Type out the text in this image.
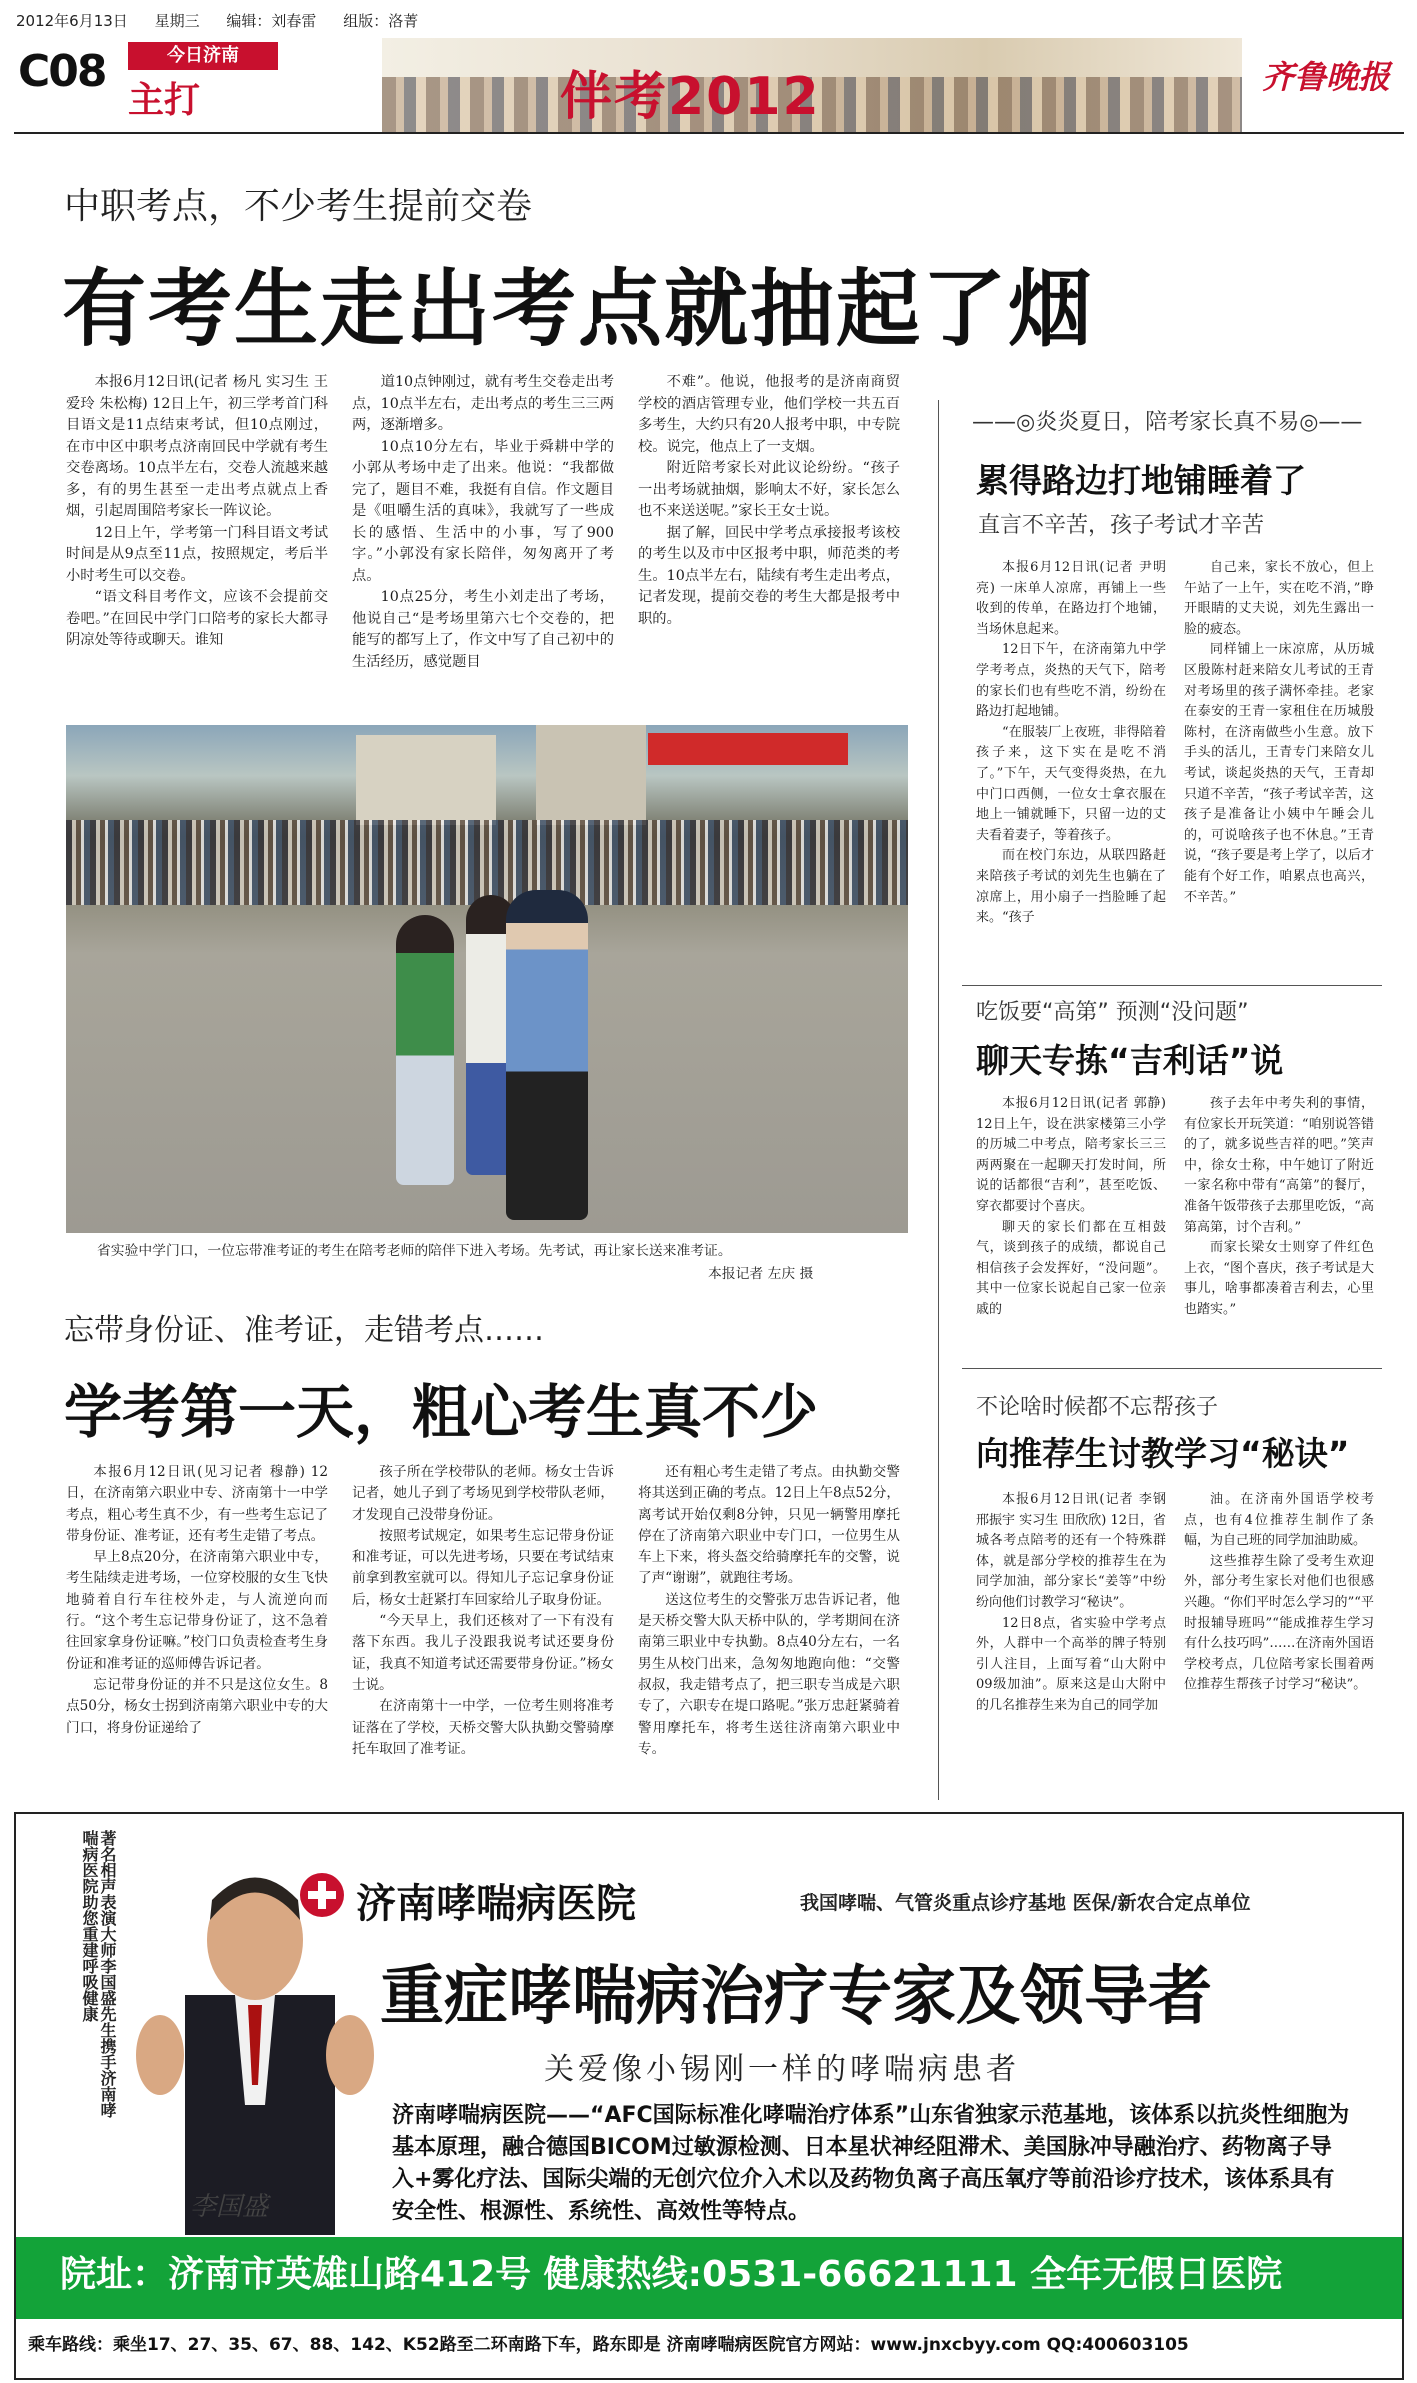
2012年6月13日 星期三 编辑：刘春雷 组版：洛菁
C08	今日济南
主打	伴考2012	齐鲁晚报
中职考点，不少考生提前交卷
有考生走出考点就抽起了烟

本报6月12日讯(记者 杨凡 实习生 王爱玲 朱松梅) 12日上午，初三学考首门科目语文是11点结束考试，但10点刚过，在市中区中职考点济南回民中学就有考生交卷离场。10点半左右，交卷人流越来越多，有的男生甚至一走出考点就点上香烟，引起周围陪考家长一阵议论。

12日上午，学考第一门科目语文考试时间是从9点至11点，按照规定，考后半小时考生可以交卷。

“语文科目考作文，应该不会提前交卷吧。”在回民中学门口陪考的家长大都寻阴凉处等待或聊天。谁知

道10点钟刚过，就有考生交卷走出考点，10点半左右，走出考点的考生三三两两，逐渐增多。

10点10分左右，毕业于舜耕中学的小郭从考场中走了出来。他说：“我都做完了，题目不难，我挺有自信。作文题目是《咀嚼生活的真味》，我就写了一些成长的感悟、生活中的小事，写了900字。”小郭没有家长陪伴，匆匆离开了考点。

10点25分，考生小刘走出了考场，他说自己“是考场里第六七个交卷的，把能写的都写上了，作文中写了自己初中的生活经历，感觉题目

不难”。他说，他报考的是济南商贸学校的酒店管理专业，他们学校一共五百多考生，大约只有20人报考中职，中专院校。说完，他点上了一支烟。

附近陪考家长对此议论纷纷。“孩子一出考场就抽烟，影响太不好，家长怎么也不来送送呢。”家长王女士说。

据了解，回民中学考点承接报考该校的考生以及市中区报考中职，师范类的考生。10点半左右，陆续有考生走出考点，记者发现，提前交卷的考生大都是报考中职的。

省实验中学门口，一位忘带准考证的考生在陪考老师的陪伴下进入考场。先考试，再让家长送来准考证。
本报记者 左庆 摄
忘带身份证、准考证，走错考点……
学考第一天，粗心考生真不少

本报6月12日讯(见习记者 穆静) 12日，在济南第六职业中专、济南第十一中学考点，粗心考生真不少，有一些考生忘记了带身份证、准考证，还有考生走错了考点。

早上8点20分，在济南第六职业中专，考生陆续走进考场，一位穿校服的女生飞快地骑着自行车往校外走，与人流逆向而行。“这个考生忘记带身份证了，这不急着往回家拿身份证嘛。”校门口负责检查考生身份证和准考证的巡师傅告诉记者。

忘记带身份证的并不只是这位女生。8点50分，杨女士拐到济南第六职业中专的大门口，将身份证递给了

孩子所在学校带队的老师。杨女士告诉记者，她儿子到了考场见到学校带队老师，才发现自己没带身份证。

按照考试规定，如果考生忘记带身份证和准考证，可以先进考场，只要在考试结束前拿到教室就可以。得知儿子忘记拿身份证后，杨女士赶紧打车回家给儿子取身份证。

“今天早上，我们还核对了一下有没有落下东西。我儿子没跟我说考试还要身份证，我真不知道考试还需要带身份证。”杨女士说。

在济南第十一中学，一位考生则将准考证落在了学校，天桥交警大队执勤交警骑摩托车取回了准考证。

还有粗心考生走错了考点。由执勤交警将其送到正确的考点。12日上午8点52分，离考试开始仅剩8分钟，只见一辆警用摩托停在了济南第六职业中专门口，一位男生从车上下来，将头盔交给骑摩托车的交警，说了声“谢谢”，就跑往考场。

送这位考生的交警张万忠告诉记者，他是天桥交警大队天桥中队的，学考期间在济南第三职业中专执勤。8点40分左右，一名男生从校门出来，急匆匆地跑向他：“交警叔叔，我走错考点了，把三职专当成是六职专了，六职专在堤口路呢。”张万忠赶紧骑着警用摩托车，将考生送往济南第六职业中专。

——◎炎炎夏日，陪考家长真不易◎——
累得路边打地铺睡着了
直言不辛苦，孩子考试才辛苦

本报6月12日讯(记者 尹明亮) 一床单人凉席，再铺上一些收到的传单，在路边打个地铺，当场休息起来。

12日下午，在济南第九中学学考考点，炎热的天气下，陪考的家长们也有些吃不消，纷纷在路边打起地铺。

“在服装厂上夜班，非得陪着孩子来，这下实在是吃不消了。”下午，天气变得炎热，在九中门口西侧，一位女士拿衣服在地上一铺就睡下，只留一边的丈夫看着妻子，等着孩子。

而在校门东边，从联四路赶来陪孩子考试的刘先生也躺在了凉席上，用小扇子一挡脸睡了起来。“孩子

自己来，家长不放心，但上午站了一上午，实在吃不消，”睁开眼睛的丈夫说，刘先生露出一脸的疲态。

同样铺上一床凉席，从历城区殷陈村赶来陪女儿考试的王青对考场里的孩子满怀牵挂。老家在泰安的王青一家租住在历城殷陈村，在济南做些小生意。放下手头的活儿，王青专门来陪女儿考试，谈起炎热的天气，王青却只道不辛苦，“孩子考试辛苦，这孩子是准备让小姨中午睡会儿的，可说啥孩子也不休息。”王青说，“孩子要是考上学了，以后才能有个好工作，咱累点也高兴，不辛苦。”

吃饭要“高第” 预测“没问题”
聊天专拣“吉利话”说

本报6月12日讯(记者 郭静) 12日上午，设在洪家楼第三小学的历城二中考点，陪考家长三三两两聚在一起聊天打发时间，所说的话都很“吉利”，甚至吃饭、穿衣都要讨个喜庆。

聊天的家长们都在互相鼓气，谈到孩子的成绩，都说自己相信孩子会发挥好，“没问题”。其中一位家长说起自己家一位亲戚的

孩子去年中考失利的事情，有位家长开玩笑道：“咱别说答错的了，就多说些吉祥的吧。”笑声中，徐女士称，中午她订了附近一家名称中带有“高第”的餐厅，准备午饭带孩子去那里吃饭，“高第高第，讨个吉利。”

而家长梁女士则穿了件红色上衣，“图个喜庆，孩子考试是大事儿，啥事都凑着吉利去，心里也踏实。”

不论啥时候都不忘帮孩子
向推荐生讨教学习“秘诀”

本报6月12日讯(记者 李钢 邢振宇 实习生 田欣欣) 12日，省城各考点陪考的还有一个特殊群体，就是部分学校的推荐生在为同学加油，部分家长“姜等”中纷纷向他们讨教学习“秘诀”。

12日8点，省实验中学考点外，人群中一个高举的牌子特别引人注目，上面写着“山大附中09级加油”。原来这是山大附中的几名推荐生来为自己的同学加

油。在济南外国语学校考点，也有4位推荐生制作了条幅，为自己班的同学加油助威。

这些推荐生除了受考生欢迎外，部分考生家长对他们也很感兴趣。“你们平时怎么学习的”“平时报辅导班吗”“能成推荐生学习有什么技巧吗”……在济南外国语学校考点，几位陪考家长围着两位推荐生帮孩子讨学习“秘诀”。

著名相声表演大师李国盛先生携手济南哮喘病医院助您重建呼吸健康
李国盛
济南哮喘病医院	我国哮喘、气管炎重点诊疗基地 医保/新农合定点单位
重症哮喘病治疗专家及领导者
关爱像小锡刚一样的哮喘病患者
济南哮喘病医院——“AFC国际标准化哮喘治疗体系”山东省独家示范基地，该体系以抗炎性细胞为基本原理，融合德国BICOM过敏源检测、日本星状神经阻滞术、美国脉冲导融治疗、药物离子导入+雾化疗法、国际尖端的无创穴位介入术以及药物负离子高压氧疗等前沿诊疗技术，该体系具有安全性、根源性、系统性、高效性等特点。
院址：济南市英雄山路412号 健康热线:0531-66621111 全年无假日医院
乘车路线：乘坐17、27、35、67、88、142、K52路至二环南路下车，路东即是 济南哮喘病医院官方网站：www.jnxcbyy.com QQ:400603105
